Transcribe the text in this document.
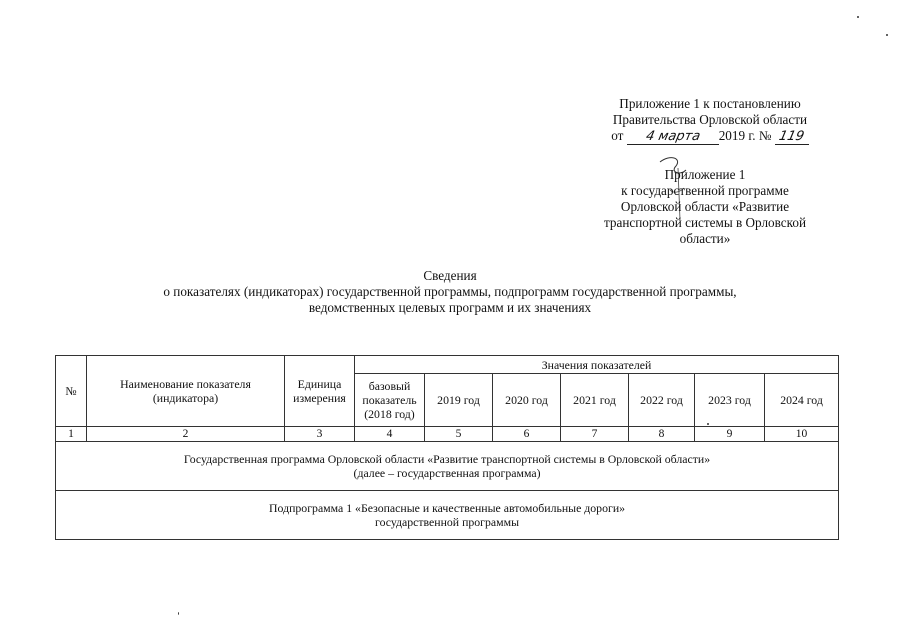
Приложение 1 к постановлению
Правительства Орловской области
от 4 марта 2019 г. № 119
Приложение 1
к государственной программе
Орловской области «Развитие
транспортной системы в Орловской
области»
Сведения
о показателях (индикаторах) государственной программы, подпрограмм государственной программы,
ведомственных целевых программ и их значениях
№	Наименование показателя (индикатора)	Единица измерения	Значения показателей						
			базовый показатель (2018 год)	2019 год	2020 год	2021 год	2022 год	2023 год	2024 год
1	2	3	4	5	6	7	8	9	10

Государственная программа Орловской области «Развитие транспортной системы в Орловской области»
(далее – государственная программа)									

Подпрограмма 1 «Безопасные и качественные автомобильные дороги»
государственной программы									
